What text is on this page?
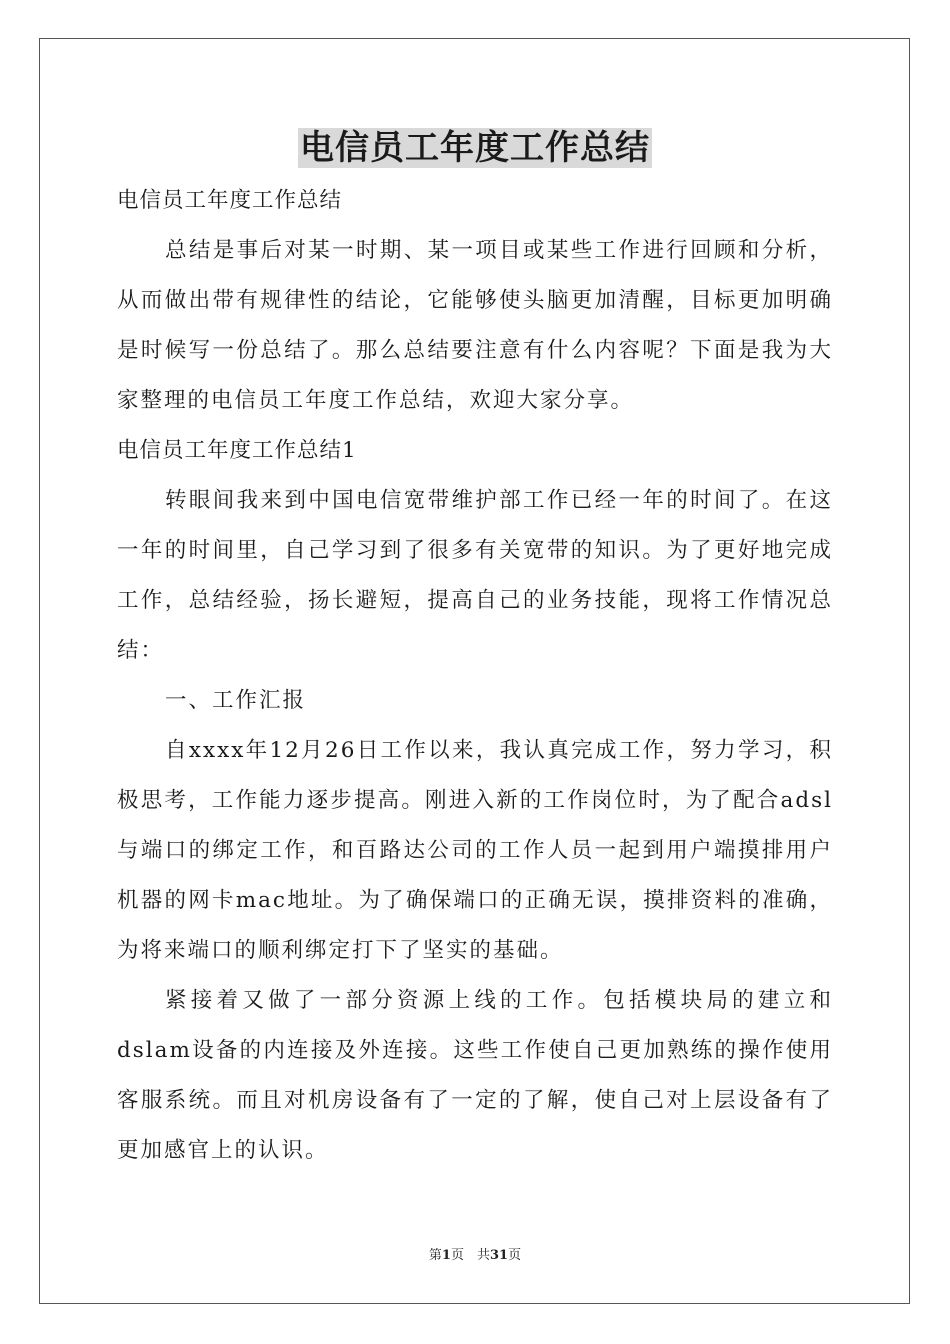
电信员工年度工作总结

电信员工年度工作总结

总结是事后对某一时期、某一项目或某些工作进行回顾和分析，从而做出带有规律性的结论，它能够使头脑更加清醒，目标更加明确是时候写一份总结了。那么总结要注意有什么内容呢？下面是我为大家整理的电信员工年度工作总结，欢迎大家分享。

电信员工年度工作总结1

转眼间我来到中国电信宽带维护部工作已经一年的时间了。在这一年的时间里，自己学习到了很多有关宽带的知识。为了更好地完成工作，总结经验，扬长避短，提高自己的业务技能，现将工作情况总结：

一、工作汇报

自xxxx年12月26日工作以来，我认真完成工作，努力学习，积极思考，工作能力逐步提高。刚进入新的工作岗位时，为了配合adsl与端口的绑定工作，和百路达公司的工作人员一起到用户端摸排用户机器的网卡mac地址。为了确保端口的正确无误，摸排资料的准确，为将来端口的顺利绑定打下了坚实的基础。

紧接着又做了一部分资源上线的工作。包括模块局的建立和dslam设备的内连接及外连接。这些工作使自己更加熟练的操作使用客服系统。而且对机房设备有了一定的了解，使自己对上层设备有了更加感官上的认识。

第1页　共31页
